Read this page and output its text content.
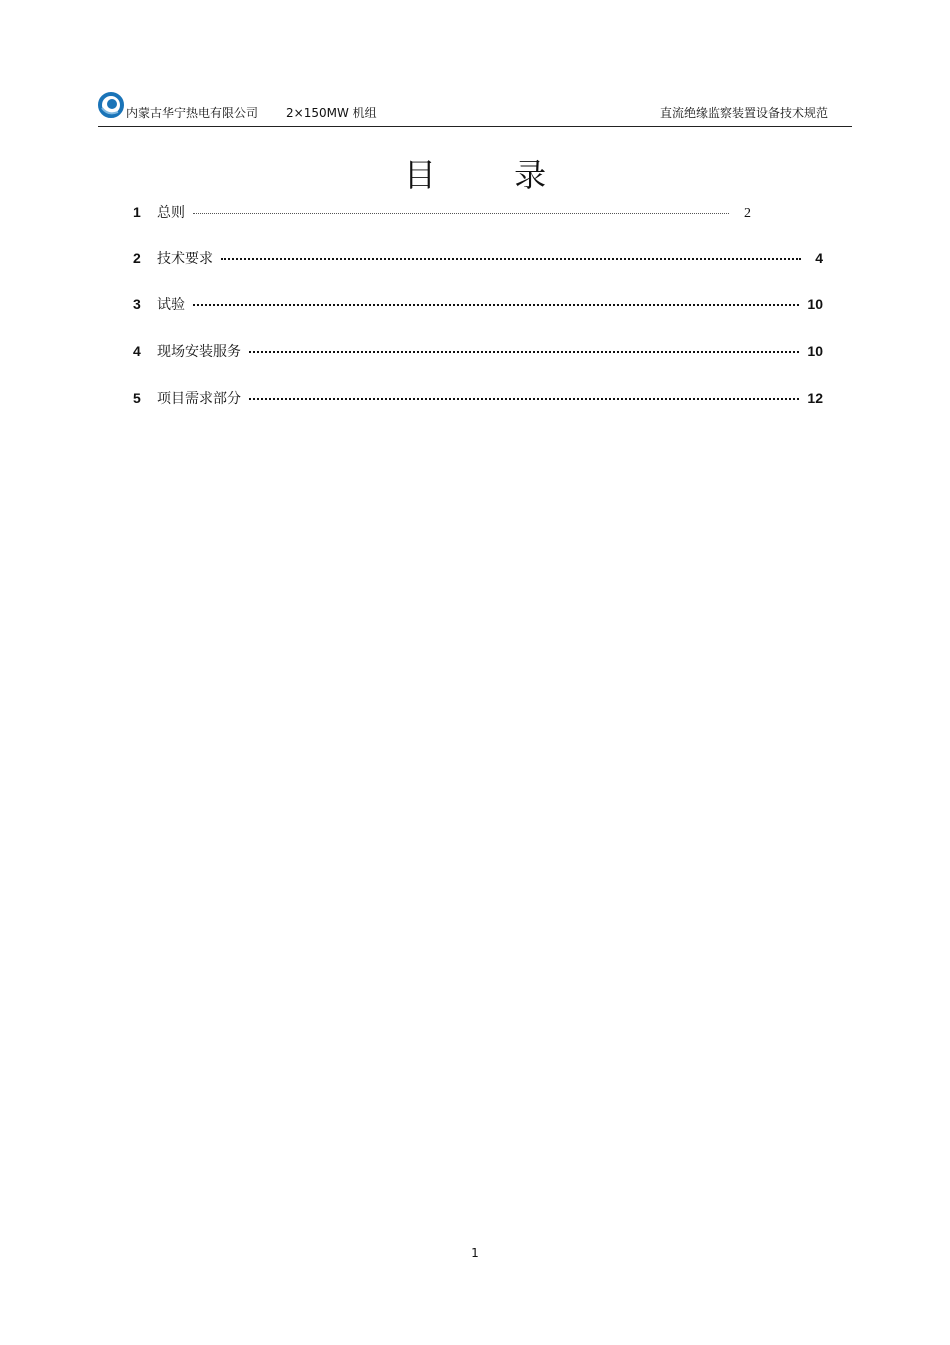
内蒙古华宁热电有限公司 2×150MW 机组	直流绝缘监察装置设备技术规范
目 录
1	总则	2
2	技术要求	4
3	试验	10
4	现场安装服务	10
5	项目需求部分	12
1
